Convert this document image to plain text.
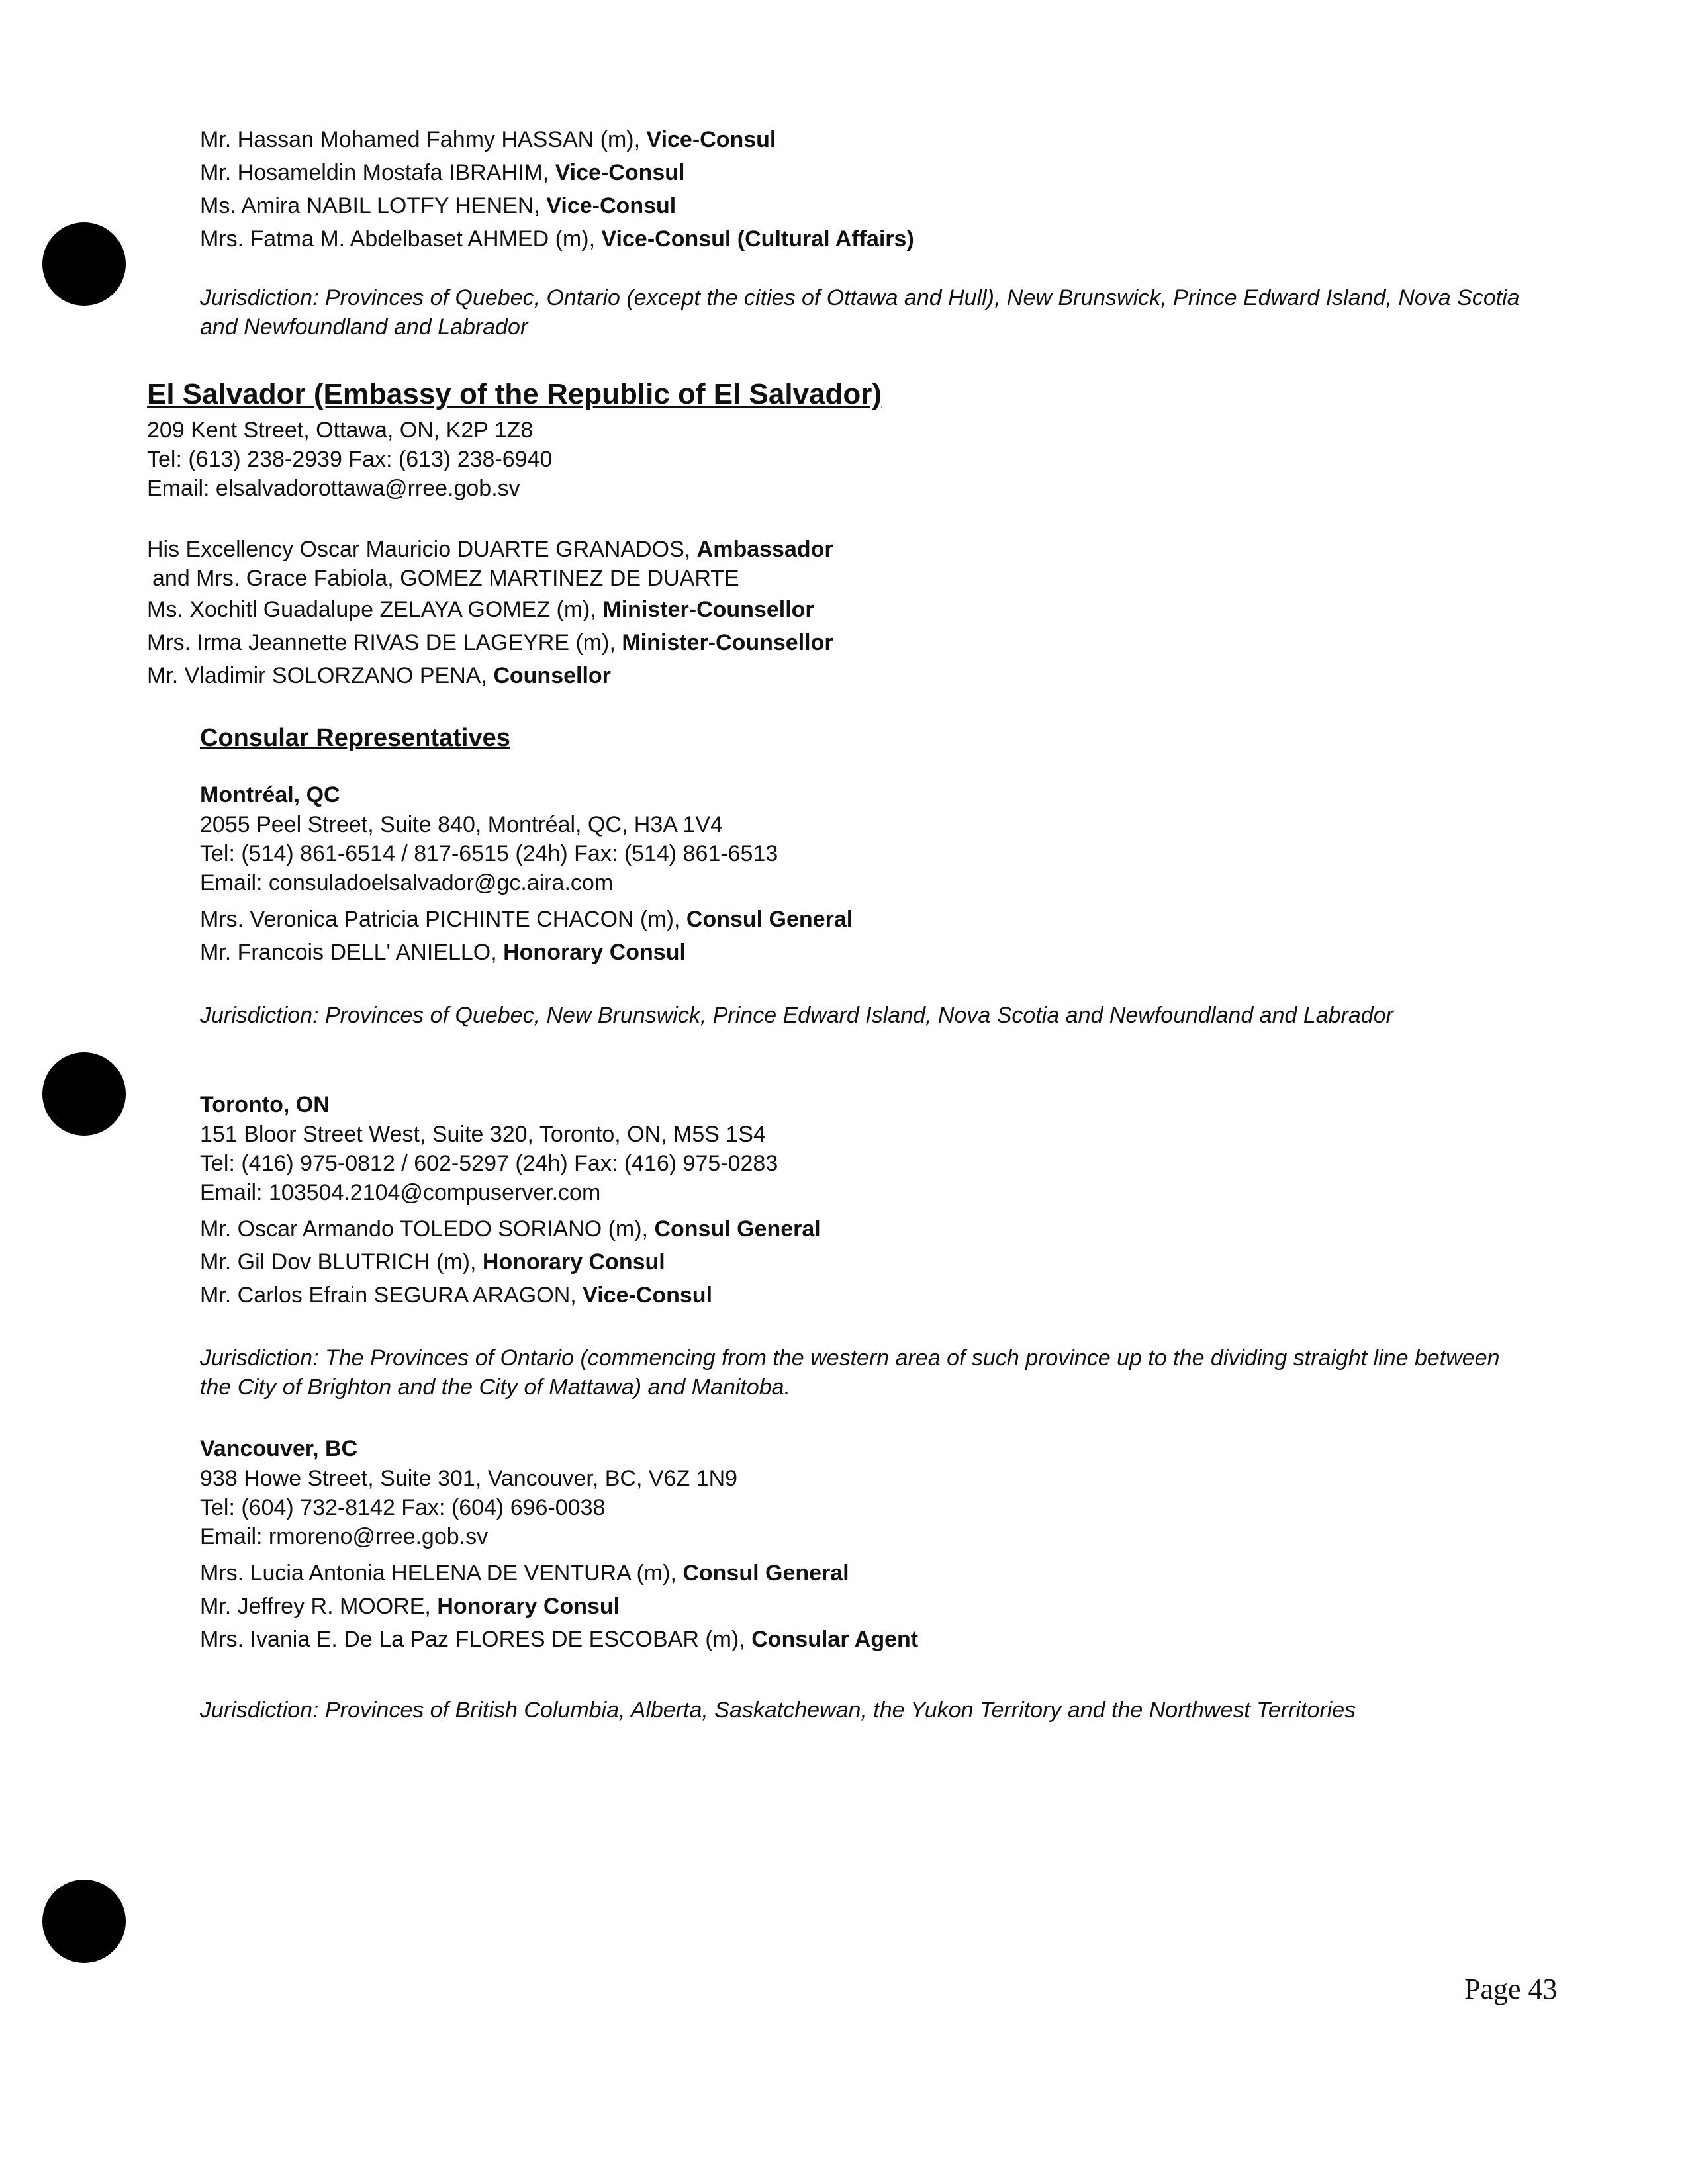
Mr. Hassan Mohamed Fahmy HASSAN (m), Vice-Consul
Mr. Hosameldin Mostafa IBRAHIM, Vice-Consul
Ms. Amira NABIL LOTFY HENEN, Vice-Consul
Mrs. Fatma M. Abdelbaset AHMED (m), Vice-Consul (Cultural Affairs)
Jurisdiction: Provinces of Quebec, Ontario (except the cities of Ottawa and Hull), New Brunswick, Prince Edward Island, Nova Scotia and Newfoundland and Labrador
El Salvador (Embassy of the Republic of El Salvador)
209 Kent Street, Ottawa, ON, K2P 1Z8
Tel: (613) 238-2939 Fax: (613) 238-6940
Email: elsalvadorottawa@rree.gob.sv
His Excellency Oscar Mauricio DUARTE GRANADOS, Ambassador
and Mrs. Grace Fabiola, GOMEZ MARTINEZ DE DUARTE
Ms. Xochitl Guadalupe ZELAYA GOMEZ (m), Minister-Counsellor
Mrs. Irma Jeannette RIVAS DE LAGEYRE (m), Minister-Counsellor
Mr. Vladimir SOLORZANO PENA, Counsellor
Consular Representatives
Montréal, QC
2055 Peel Street, Suite 840, Montréal, QC, H3A 1V4
Tel: (514) 861-6514 / 817-6515 (24h) Fax: (514) 861-6513
Email: consuladoelsalvador@gc.aira.com
Mrs. Veronica Patricia PICHINTE CHACON (m), Consul General
Mr. Francois DELL' ANIELLO, Honorary Consul
Jurisdiction: Provinces of Quebec, New Brunswick, Prince Edward Island, Nova Scotia and Newfoundland and Labrador
Toronto, ON
151 Bloor Street West, Suite 320, Toronto, ON, M5S 1S4
Tel: (416) 975-0812 / 602-5297 (24h) Fax: (416) 975-0283
Email: 103504.2104@compuserver.com
Mr. Oscar Armando TOLEDO SORIANO (m), Consul General
Mr. Gil Dov BLUTRICH (m), Honorary Consul
Mr. Carlos Efrain SEGURA ARAGON, Vice-Consul
Jurisdiction: The Provinces of Ontario (commencing from the western area of such province up to the dividing straight line between the City of Brighton and the City of Mattawa) and Manitoba.
Vancouver, BC
938 Howe Street, Suite 301, Vancouver, BC, V6Z 1N9
Tel: (604) 732-8142 Fax: (604) 696-0038
Email: rmoreno@rree.gob.sv
Mrs. Lucia Antonia HELENA DE VENTURA (m), Consul General
Mr. Jeffrey R. MOORE, Honorary Consul
Mrs. Ivania E. De La Paz FLORES DE ESCOBAR (m), Consular Agent
Jurisdiction: Provinces of British Columbia, Alberta, Saskatchewan, the Yukon Territory and the Northwest Territories
Page 43
